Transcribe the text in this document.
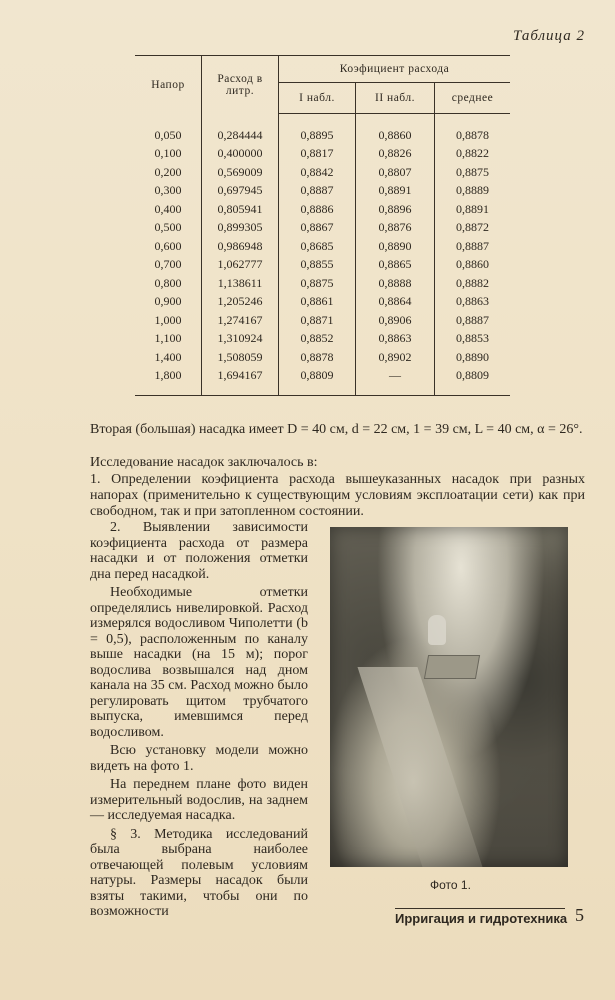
Таблица 2
Напор	Расход в литр.	Коэфициент расхода		
		I набл.	II набл.	среднее
0,050	0,284444	0,8895	0,8860	0,8878
0,100	0,400000	0,8817	0,8826	0,8822
0,200	0,569009	0,8842	0,8807	0,8875
0,300	0,697945	0,8887	0,8891	0,8889
0,400	0,805941	0,8886	0,8896	0,8891
0,500	0,899305	0,8867	0,8876	0,8872
0,600	0,986948	0,8685	0,8890	0,8887
0,700	1,062777	0,8855	0,8865	0,8860
0,800	1,138611	0,8875	0,8888	0,8882
0,900	1,205246	0,8861	0,8864	0,8863
1,000	1,274167	0,8871	0,8906	0,8887
1,100	1,310924	0,8852	0,8863	0,8853
1,400	1,508059	0,8878	0,8902	0,8890
1,800	1,694167	0,8809	—	0,8809

Вторая (большая) насадка имеет D = 40 см, d = 22 см, 1 = 39 см, L = 40 см, α = 26°.

Исследование насадок заключалось в:

1. Определении коэфициента расхода вышеуказанных насадок при разных напорах (применительно к существующим условиям эксплоатации сети) как при свободном, так и при затопленном состоянии.

2. Выявлении зависимости коэфициента расхода от размера насадки и от положения отметки дна перед насадкой.

Необходимые отметки определялись нивелировкой. Расход измерялся водосливом Чиполетти (b = 0,5), расположенным по каналу выше насадки (на 15 м); порог водослива возвышался над дном канала на 35 см. Расход можно было регулировать щитом трубчатого выпуска, имевшимся перед водосливом.

Всю установку модели можно видеть на фото 1.

На переднем плане фото виден измерительный водослив, на заднем — исследуемая насадка.

§ 3. Методика исследований была выбрана наиболее отвечающей полевым условиям натуры. Размеры насадок были взяты такими, чтобы они по возможности

Фото 1.
Ирригация и гидротехника 5
